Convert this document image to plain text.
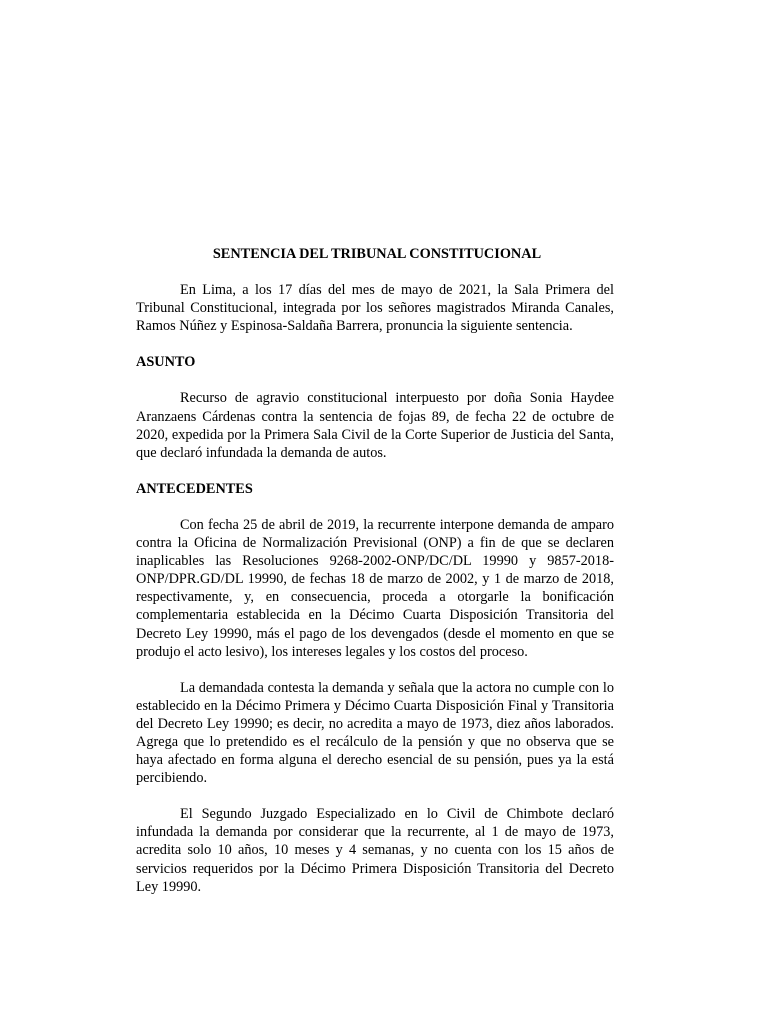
SENTENCIA DEL TRIBUNAL CONSTITUCIONAL

En Lima, a los 17 días del mes de mayo de 2021, la Sala Primera del Tribunal Constitucional, integrada por los señores magistrados Miranda Canales, Ramos Núñez y Espinosa-Saldaña Barrera, pronuncia la siguiente sentencia.

ASUNTO

Recurso de agravio constitucional interpuesto por doña Sonia Haydee Aranzaens Cárdenas contra la sentencia de fojas 89, de fecha 22 de octubre de 2020, expedida por la Primera Sala Civil de la Corte Superior de Justicia del Santa, que declaró infundada la demanda de autos.

ANTECEDENTES

Con fecha 25 de abril de 2019, la recurrente interpone demanda de amparo contra la Oficina de Normalización Previsional (ONP) a fin de que se declaren inaplicables las Resoluciones 9268-2002-ONP/DC/DL 19990 y 9857-2018- ONP/DPR.GD/DL 19990, de fechas 18 de marzo de 2002, y 1 de marzo de 2018, respectivamente, y, en consecuencia, proceda a otorgarle la bonificación complementaria establecida en la Décimo Cuarta Disposición Transitoria del Decreto Ley 19990, más el pago de los devengados (desde el momento en que se produjo el acto lesivo), los intereses legales y los costos del proceso.

La demandada contesta la demanda y señala que la actora no cumple con lo establecido en la Décimo Primera y Décimo Cuarta Disposición Final y Transitoria del Decreto Ley 19990; es decir, no acredita a mayo de 1973, diez años laborados. Agrega que lo pretendido es el recálculo de la pensión y que no observa que se haya afectado en forma alguna el derecho esencial de su pensión, pues ya la está percibiendo.

El Segundo Juzgado Especializado en lo Civil de Chimbote declaró infundada la demanda por considerar que la recurrente, al 1 de mayo de 1973, acredita solo 10 años, 10 meses y 4 semanas, y no cuenta con los 15 años de servicios requeridos por la Décimo Primera Disposición Transitoria del Decreto Ley 19990.
